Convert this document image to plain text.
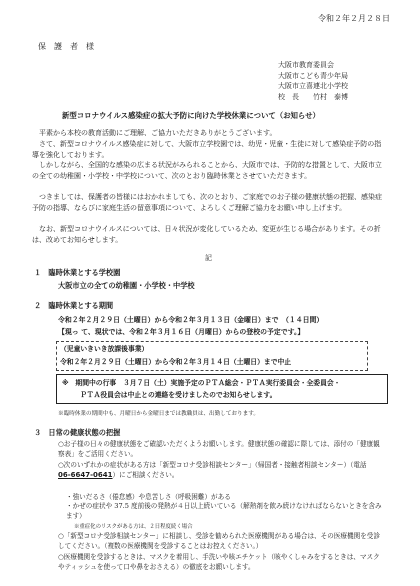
令和２年２月２８日
保　護　者　様
大阪市教育委員会
大阪市こども青少年局
大阪市立喜連北小学校
校　長　　竹村　泰博
新型コロナウイルス感染症の拡大予防に向けた学校休業について（お知らせ）
平素から本校の教育活動にご理解、ご協力いただきありがとうございます。
さて、新型コロナウイルス感染症に対して、大阪市立学校園では、幼児・児童・生徒に対して感染症予防の指導を強化しております。
しかしながら、全国的な感染の広まる状況がみられることから、大阪市では、予防的な措置として、大阪市立の全ての幼稚園・小学校・中学校について、次のとおり臨時休業とさせていただきます。
つきましては、保護者の皆様にはおかれましても、次のとおり、ご家庭でのお子様の健康状態の把握、感染症予防の指導、ならびに家庭生活の留意事項について、よろしくご理解ご協力をお願い申し上げます。
なお、新型コロナウイルスについては、日々状況が変化しているため、変更が生じる場合があります。その折は、改めてお知らせします。
記
１　臨時休業とする学校園
大阪市立の全ての幼稚園・小学校・中学校
２　臨時休業とする期間
令和２年２月２９日（土曜日）から令和２年３月１３日（金曜日）まで　（１４日間）
【現っ て、現状では、令和２年３月１６日（月曜日）からの登校の予定です。】
（児童いきいき放課後事業）
令和２年２月２９日（土曜日）から令和２年３月１４日（土曜日）まで中止
※　期間中の行事　３月７日（土）実施予定のＰＴＡ総会・ＰＴＡ実行委員会・全委員会・
ＰＴＡ役員会は中止との連絡を受けましたのでお知らせします。
※臨時休業の期間中も、月曜日から金曜日までは教職員は、出勤しております。
３　日常の健康状態の把握
○お子様の日々の健康状態をご確認いただくようお願いします。健康状態の確認に際しては、添付の「健康観察表」をご活用ください。
○次のいずれかの症状がある方は「新型コロナ受診相談センター」（帰国者・接触者相談センター）（電話　06-6647-0641）にご相談ください。
・強いだるさ（倦怠感）や息苦しさ（呼吸困難）がある
・かぜの症状や 37.5 度前後の発熱が４日以上続いている（解熱剤を飲み続けなければならないときを含みます）
※重症化のリスクがある方は、２日程度続く場合
○「新型コロナ受診相談センター」に相談し、受診を勧められた医療機関がある場合は、その医療機関を受診してください。（複数の医療機関を受診することはお控えください。）
○医療機関を受診するときは、マスクを着用し、手洗いや咳エチケット（咳やくしゃみをするときは、マスクやティッシュを使って口や鼻をおさえる）の徹底をお願いします。
